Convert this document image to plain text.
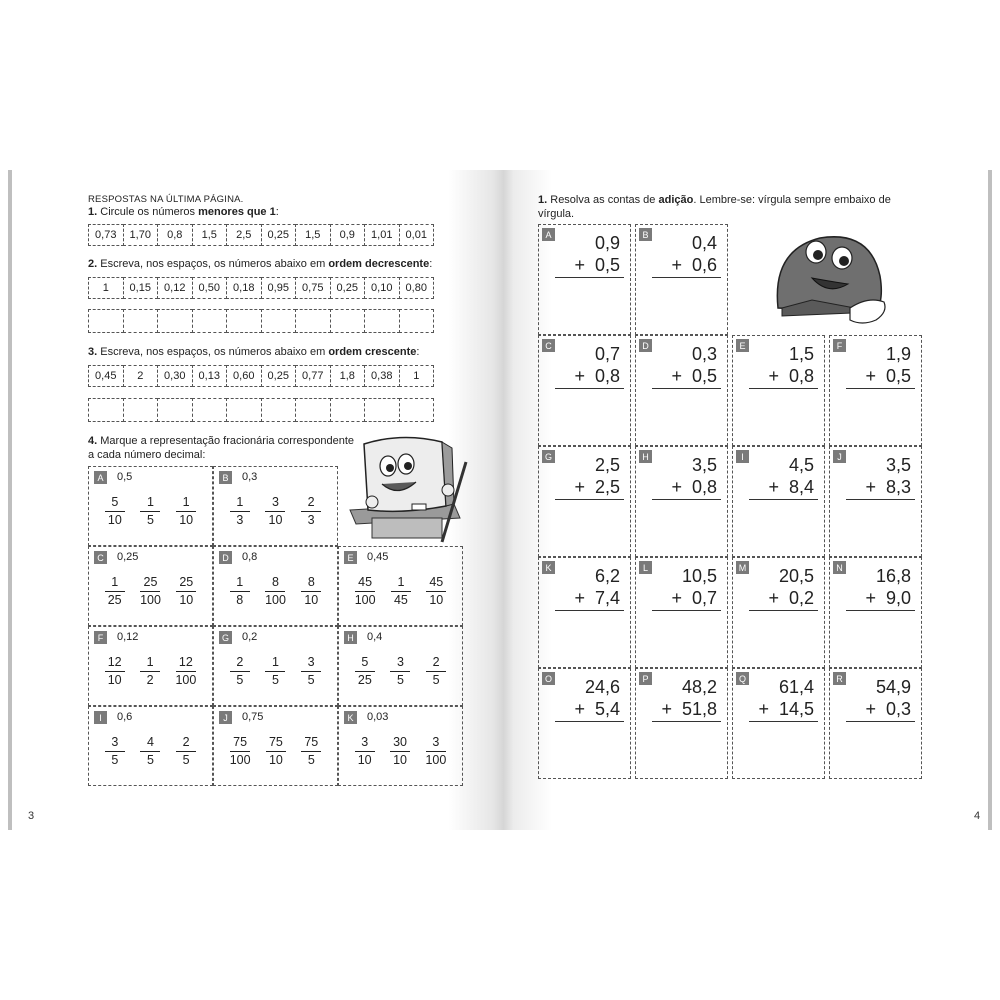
RESPOSTAS NA ÚLTIMA PÁGINA.
1. Circule os números menores que 1:
0,73	1,70	0,8	1,5	2,5	0,25	1,5	0,9	1,01	0,01
2. Escreva, nos espaços, os números abaixo em ordem decrescente:
1	0,15	0,12	0,50	0,18	0,95	0,75	0,25	0,10	0,80
3. Escreva, nos espaços, os números abaixo em ordem crescente:
0,45	2	0,30	0,13	0,60	0,25	0,77	1,8	0,38	1
4. Marque a representação fracionária correspondente
a cada número decimal:
A	0,5
$\frac{5}{10} \frac{1}{5} \frac{1}{10}$
B	0,3
$\frac{1}{3} \frac{3}{10} \frac{2}{3}$
C 0,25
$\frac{1}{25} \frac{25}{100} \frac{25}{10}$
D 0,8
$\frac{1}{8} \frac{8}{100} \frac{8}{10}$
E	0,45
$\frac{45}{100} \frac{1}{45} \frac{45}{10}$
F	0,12
$\frac{12}{10} \frac{1}{2} \frac{12}{100}$
G 0,2
$\frac{2}{5} \frac{1}{5} \frac{3}{5}$
H 0,4
$\frac{5}{25} \frac{3}{5} \frac{2}{5}$
I	0,6
$\frac{3}{5} \frac{4}{5} \frac{2}{5}$
J	0,75
$\frac{75}{100} \frac{75}{10} \frac{75}{5}$
K	0,03
$\frac{3}{10} \frac{30}{10} \frac{3}{100}$
3
1. Resolva as contas de adição. Lembre-se: vírgula sempre embaixo de
vírgula.
A 0,9
+ 0,5
B 0,4
+ 0,6
C 0,7
+ 0,8
D 0,3
+ 0,5
E 1,5
+ 0,8
F 1,9
+ 0,5
G 2,5
+ 2,5
H 3,5
+ 0,8
I	4,5
+ 8,4
J 3,5
+ 8,3
K 6,2
+ 7,4
L 10,5
+ 0,7
M 20,5
+ 0,2
N 16,8
+ 9,0
O 24,6
+ 5,4
P 48,2
+ 51,8
Q 61,4
+ 14,5
R 54,9
+ 0,3
4
